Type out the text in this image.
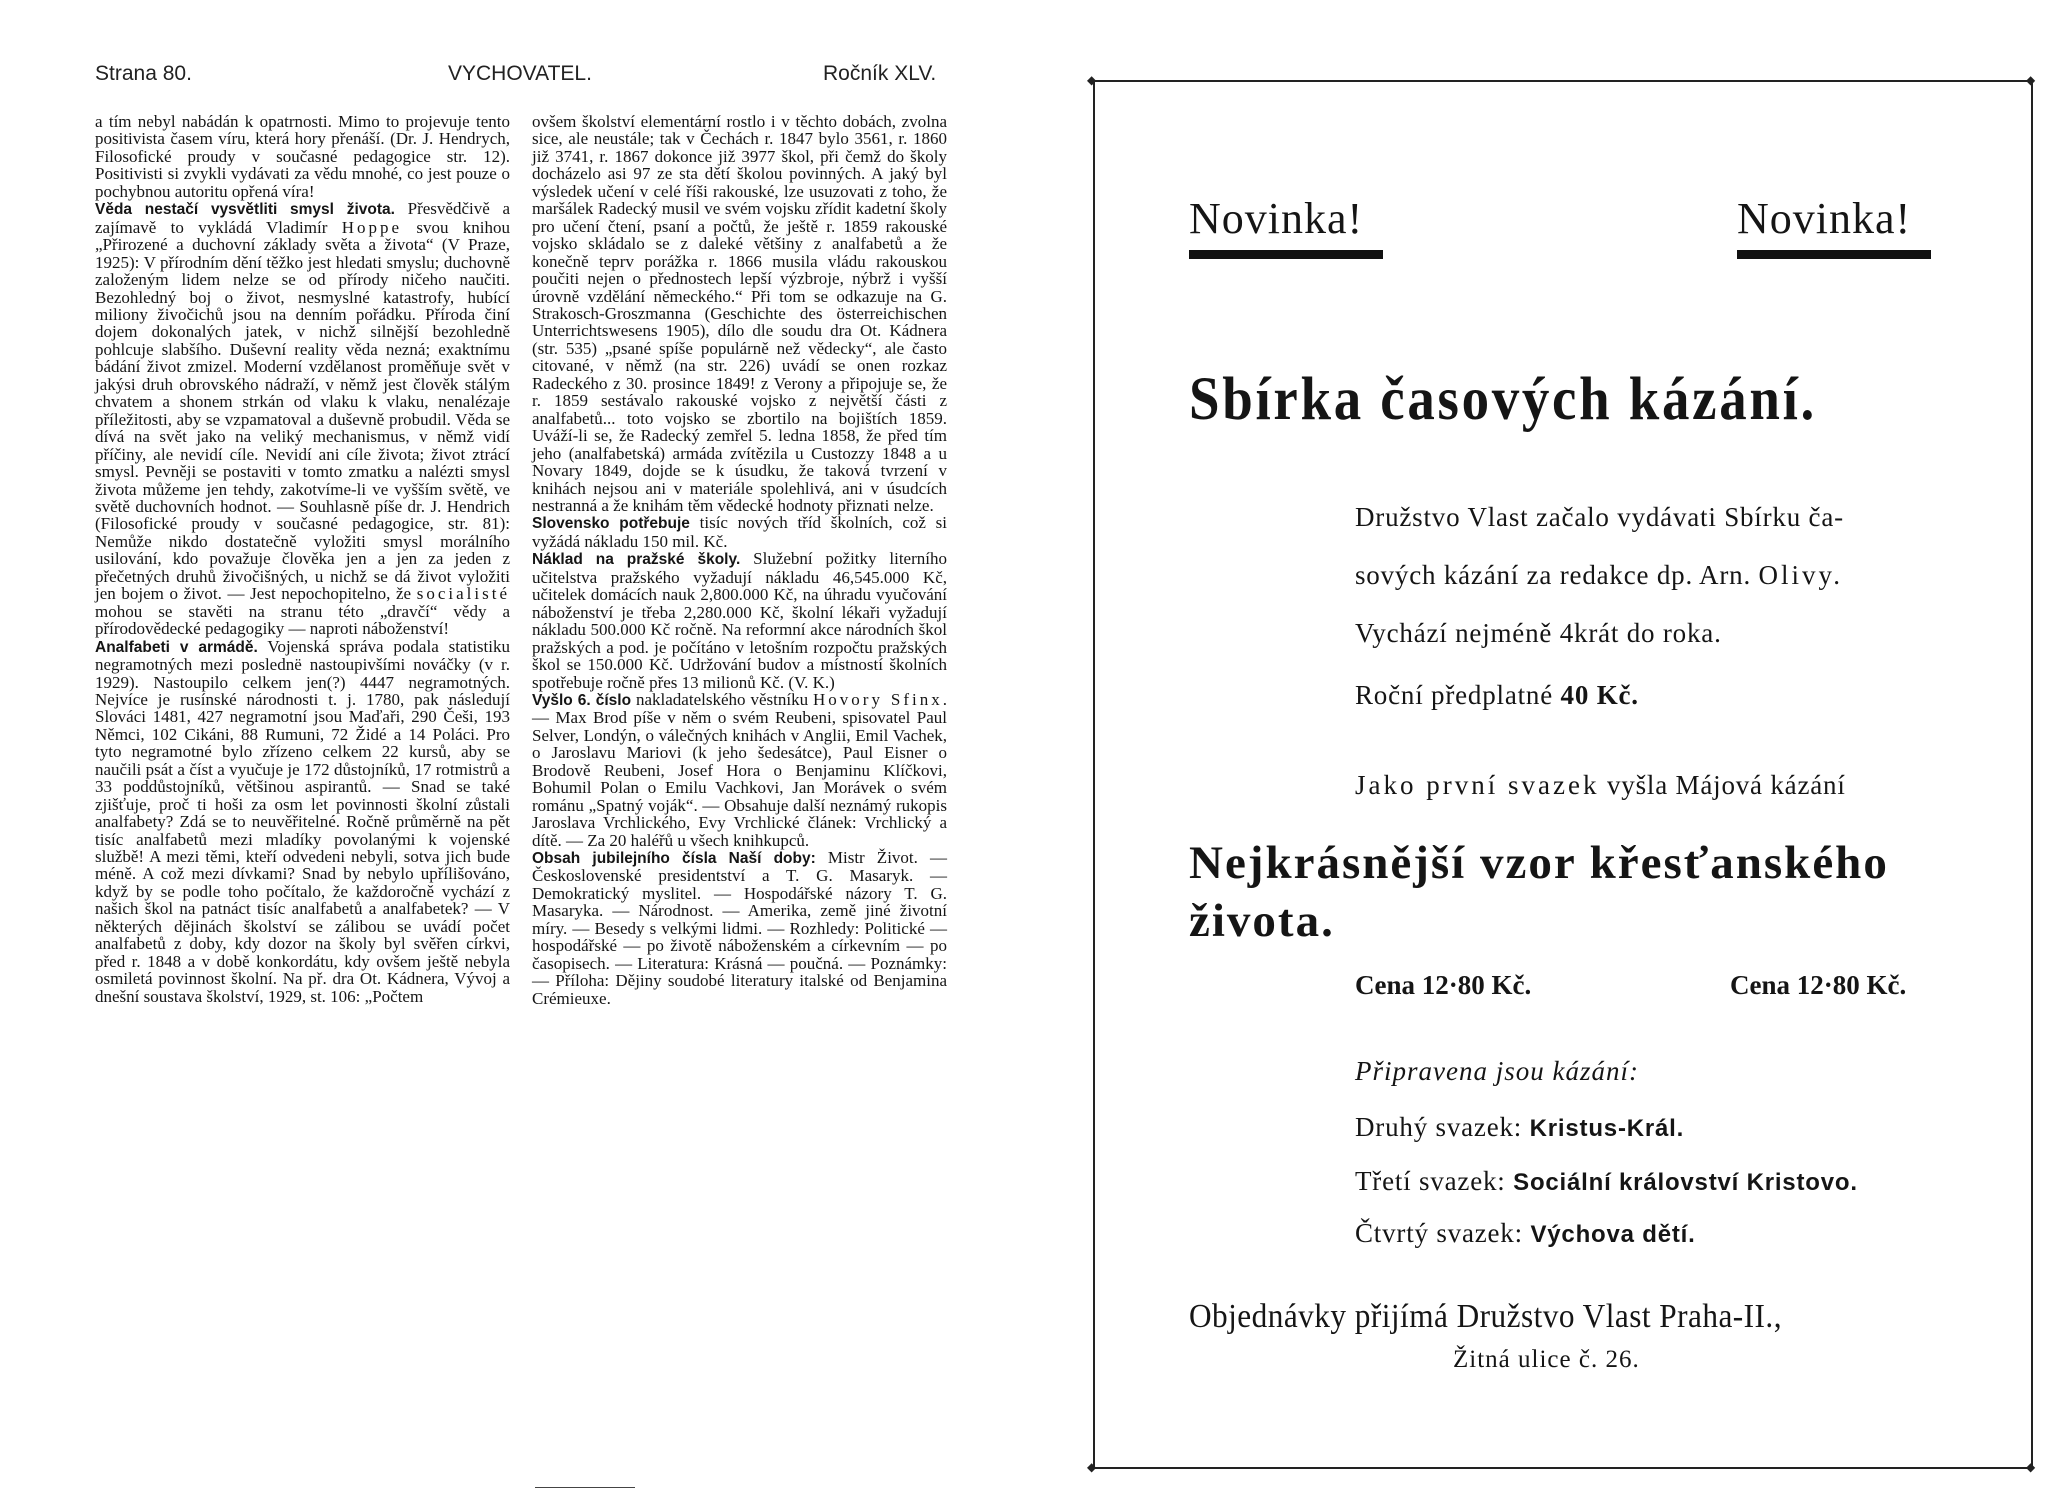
Strana 80.	VYCHOVATEL.	Ročník XLV.

a tím nebyl nabádán k opatrnosti. Mimo to projevuje tento positivista časem víru, která hory přenáší. (Dr. J. Hendrych, Filosofické proudy v současné pedagogice str. 12). Positivisti si zvykli vydávati za vědu mnohé, co jest pouze o pochybnou autoritu opřená víra!

Věda nestačí vysvětliti smysl života. Přesvědčivě a zajímavě to vykládá Vladimír Hoppe svou knihou „Přirozené a duchovní základy světa a života“ (V Praze, 1925): V přírodním dění těžko jest hledati smyslu; duchovně založeným lidem nelze se od přírody ničeho naučiti. Bezohledný boj o život, nesmyslné katastrofy, hubící miliony živočichů jsou na denním pořádku. Příroda činí dojem dokonalých jatek, v nichž silnější bezohledně pohlcuje slabšího. Duševní reality věda nezná; exaktnímu bádání život zmizel. Moderní vzdělanost proměňuje svět v jakýsi druh obrovského nádraží, v němž jest člověk stálým chvatem a shonem strkán od vlaku k vlaku, nenalézaje příležitosti, aby se vzpamatoval a duševně probudil. Věda se dívá na svět jako na veliký mechanismus, v němž vidí příčiny, ale nevidí cíle. Nevidí ani cíle života; život ztrácí smysl. Pevněji se postaviti v tomto zmatku a nalézti smysl života můžeme jen tehdy, zakotvíme-li ve vyšším světě, ve světě duchovních hodnot. — Souhlasně píše dr. J. Hendrich (Filosofické proudy v současné pedagogice, str. 81): Nemůže nikdo dostatečně vyložiti smysl morálního usilování, kdo považuje člověka jen a jen za jeden z přečetných druhů živočišných, u nichž se dá život vyložiti jen bojem o život. — Jest nepochopitelno, že socialisté mohou se stavěti na stranu této „dravčí“ vědy a přírodovědecké pedagogiky — naproti náboženství!

Analfabeti v armádě. Vojenská správa podala statistiku negramotných mezi poslednë nastoupivšími nováčky (v r. 1929). Nastoupilo celkem jen(?) 4447 negramotných. Nejvíce je rusínské národnosti t. j. 1780, pak následují Slováci 1481, 427 negramotní jsou Maďaři, 290 Češi, 193 Němci, 102 Cikáni, 88 Rumuni, 72 Židé a 14 Poláci. Pro tyto negramotné bylo zřízeno celkem 22 kursů, aby se naučili psát a číst a vyučuje je 172 důstojníků, 17 rotmistrů a 33 poddůstojníků, většinou aspirantů. — Snad se také zjišťuje, proč ti hoši za osm let povinnosti školní zůstali analfabety? Zdá se to neuvěřitelné. Ročně průměrně na pět tisíc analfabetů mezi mladíky povolanými k vojenské službě! A mezi těmi, kteří odvedeni nebyli, sotva jich bude méně. A což mezi dívkami? Snad by nebylo upřílišováno, když by se podle toho počítalo, že každoročně vychází z našich škol na patnáct tisíc analfabetů a analfabetek? — V některých dějinách školství se zálibou se uvádí počet analfabetů z doby, kdy dozor na školy byl svěřen církvi, před r. 1848 a v době konkordátu, kdy ovšem ještě nebyla osmiletá povinnost školní. Na př. dra Ot. Kádnera, Vývoj a dnešní soustava školství, 1929, st. 106: „Počtem

ovšem školství elementární rostlo i v těchto dobách, zvolna sice, ale neustále; tak v Čechách r. 1847 bylo 3561, r. 1860 již 3741, r. 1867 dokonce již 3977 škol, při čemž do školy docházelo asi 97 ze sta dětí školou povinných. A jaký byl výsledek učení v celé říši rakouské, lze usuzovati z toho, že maršálek Radecký musil ve svém vojsku zřídit kadetní školy pro učení čtení, psaní a počtů, že ještě r. 1859 rakouské vojsko skládalo se z daleké většiny z analfabetů a že konečně teprv porážka r. 1866 musila vládu rakouskou poučiti nejen o přednostech lepší výzbroje, nýbrž i vyšší úrovně vzdělání německého.“ Při tom se odkazuje na G. Strakosch-Groszmanna (Geschichte des österreichischen Unterrichtswesens 1905), dílo dle soudu dra Ot. Kádnera (str. 535) „psané spíše populárně než vědecky“, ale často citované, v němž (na str. 226) uvádí se onen rozkaz Radeckého z 30. prosince 1849! z Verony a připojuje se, že r. 1859 sestávalo rakouské vojsko z největší části z analfabetů... toto vojsko se zbortilo na bojištích 1859. Uváží-li se, že Radecký zemřel 5. ledna 1858, že před tím jeho (analfabetská) armáda zvítězila u Custozzy 1848 a u Novary 1849, dojde se k úsudku, že taková tvrzení v knihách nejsou ani v materiále spolehlivá, ani v úsudcích nestranná a že knihám těm vědecké hodnoty přiznati nelze.

Slovensko potřebuje tisíc nových tříd školních, což si vyžádá nákladu 150 mil. Kč.

Náklad na pražské školy. Služební požitky literního učitelstva pražského vyžadují nákladu 46,545.000 Kč, učitelek domácích nauk 2,800.000 Kč, na úhradu vyučování náboženství je třeba 2,280.000 Kč, školní lékaři vyžadují nákladu 500.000 Kč ročně. Na reformní akce národních škol pražských a pod. je počítáno v letošním rozpočtu pražských škol se 150.000 Kč. Udržování budov a místností školních spotřebuje ročně přes 13 milionů Kč. (V. K.)

Vyšlo 6. číslo nakladatelského věstníku Hovory Sfinx. — Max Brod píše v něm o svém Reubeni, spisovatel Paul Selver, Londýn, o válečných knihách v Anglii, Emil Vachek, o Jaroslavu Mariovi (k jeho šedesátce), Paul Eisner o Brodově Reubeni, Josef Hora o Benjaminu Klíčkovi, Bohumil Polan o Emilu Vachkovi, Jan Morávek o svém románu „Spatný voják“. — Obsahuje další neznámý rukopis Jaroslava Vrchlického, Evy Vrchlické článek: Vrchlický a dítě. — Za 20 haléřů u všech knihkupců.

Obsah jubilejního čísla Naší doby: Mistr Život. — Československé presidentství a T. G. Masaryk. — Demokratický myslitel. — Hospodářské názory T. G. Masaryka. — Národnost. — Amerika, země jiné životní míry. — Besedy s velkými lidmi. — Rozhledy: Politické — hospodářské — po životě náboženském a církevním — po časopisech. — Literatura: Krásná — poučná. — Poznámky: — Příloha: Dějiny soudobé literatury italské od Benjamina Crémieuxe.

◆	◆
◆	◆
Novinka!	Novinka!
Sbírka časových kázání.
Družstvo Vlast začalo vydávati Sbírku ča-
sových kázání za redakce dp. Arn. Olivy.
Vychází nejméně 4krát do roka.
Roční předplatné 40 Kč.
Jako první svazek vyšla Májová kázání
Nejkrásnější vzor křesťanského života.
Cena 12·80 Kč.	Cena 12·80 Kč.
Připravena jsou kázání:
Druhý svazek: Kristus-Král.
Třetí svazek: Sociální království Kristovo.
Čtvrtý svazek: Výchova dětí.
Objednávky přijímá Družstvo Vlast Praha-II.,
Žitná ulice č. 26.
